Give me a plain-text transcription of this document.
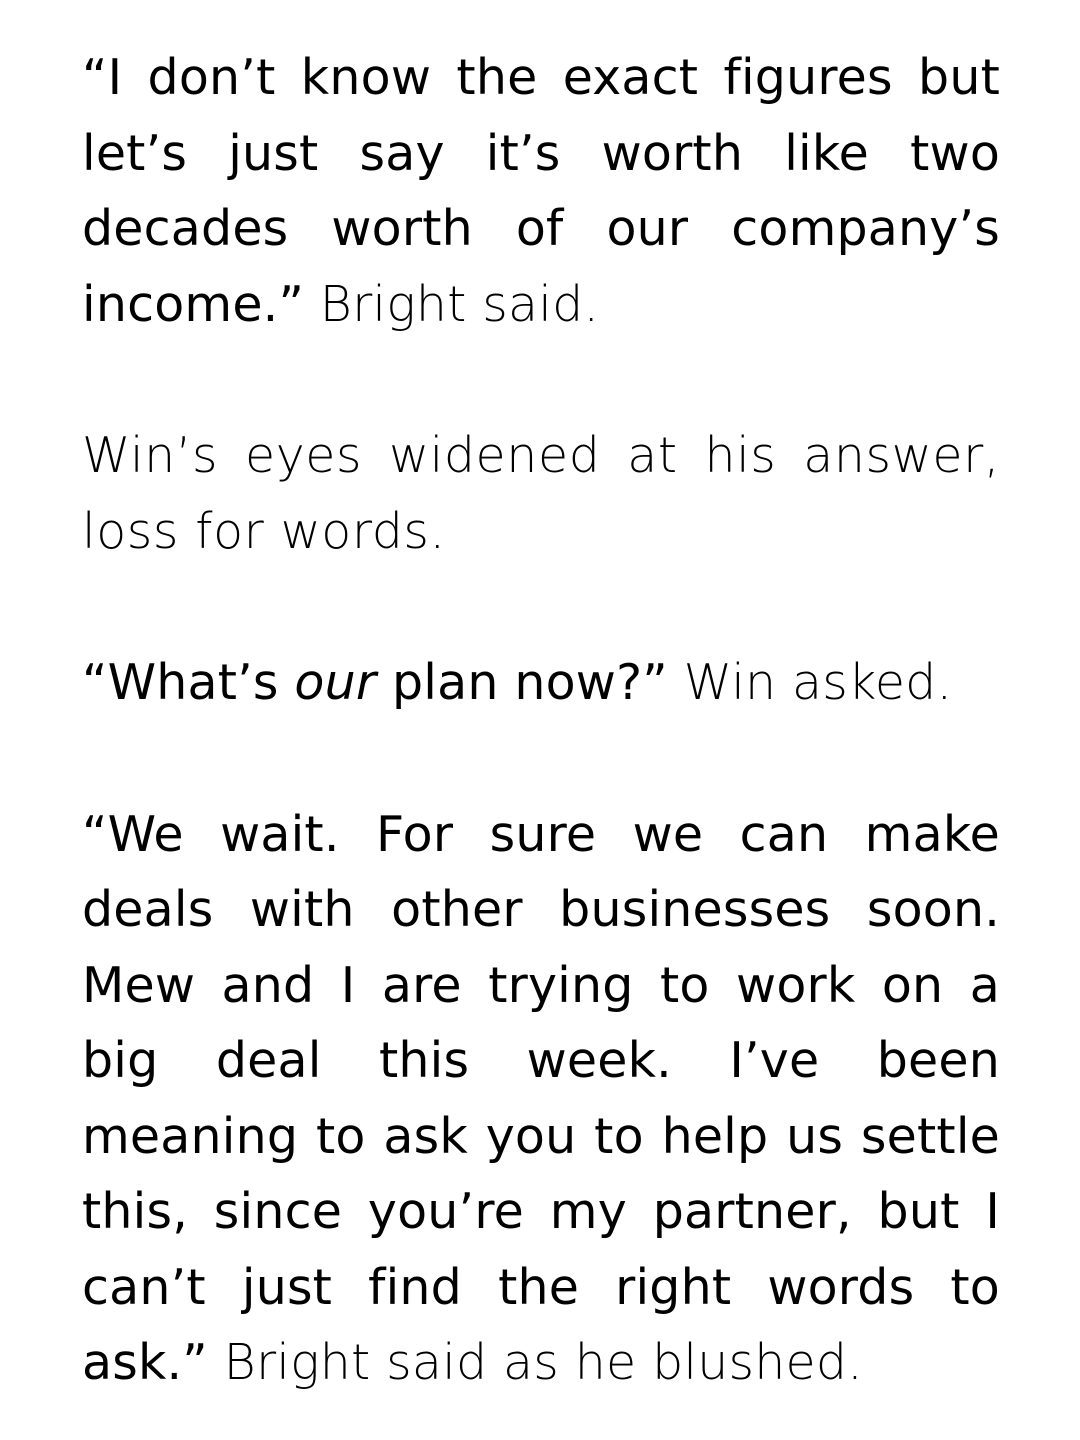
“I don’t know the exact figures but let’s just say it’s worth like two decades worth of our company’s income.” Bright said.

Win’s eyes widened at his answer, loss for words.

“What’s our plan now?” Win asked.

“We wait. For sure we can make deals with other businesses soon. Mew and I are trying to work on a big deal this week. I’ve been meaning to ask you to help us settle this, since you’re my partner, but I can’t just find the right words to ask.” Bright said as he blushed.
